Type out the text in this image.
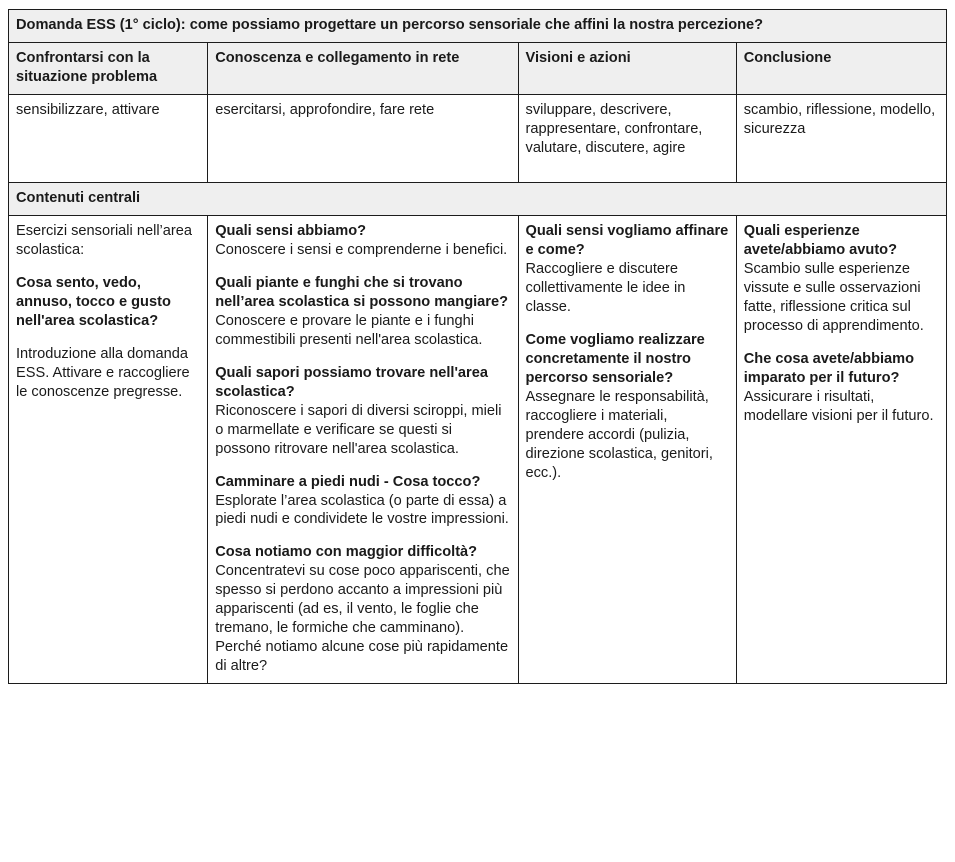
Domanda ESS (1° ciclo): come possiamo progettare un percorso sensoriale che affini la nostra percezione?			
Confrontarsi con la situazione problema	Conoscenza e collegamento in rete	Visioni e azioni	Conclusione
sensibilizzare, attivare	esercitarsi, approfondire, fare rete	sviluppare, descrivere, rappresentare, confrontare, valutare, discutere, agire	scambio, riflessione, modello, sicurezza
Contenuti centrali			

Esercizi sensoriali nell’area scolastica:
Cosa sento, vedo, annuso, tocco e gusto nell'area scolastica?
Introduzione alla domanda ESS. Attivare e raccogliere le conoscenze pregresse.

Quali sensi abbiamo?
Conoscere i sensi e comprenderne i benefici.
Quali piante e funghi che si trovano nell’area scolastica si possono mangiare?
Conoscere e provare le piante e i funghi commestibili presenti nell'area scolastica.
Quali sapori possiamo trovare nell'area scolastica?
Riconoscere i sapori di diversi sciroppi, mieli o marmellate e verificare se questi si possono ritrovare nell'area scolastica.
Camminare a piedi nudi - Cosa tocco?
Esplorate l’area scolastica (o parte di essa) a piedi nudi e condividete le vostre impressioni.
Cosa notiamo con maggior difficoltà?
Concentratevi su cose poco appariscenti, che spesso si perdono accanto a impressioni più appariscenti (ad es, il vento, le foglie che tremano, le formiche che camminano). Perché notiamo alcune cose più rapidamente di altre?

Quali sensi vogliamo affinare e come?
Raccogliere e discutere collettivamente le idee in classe.
Come vogliamo realizzare concretamente il nostro percorso sensoriale?
Assegnare le responsabilità, raccogliere i materiali, prendere accordi (pulizia, direzione scolastica, genitori, ecc.).

Quali esperienze avete/abbiamo avuto?
Scambio sulle esperienze vissute e sulle osservazioni fatte, riflessione critica sul processo di apprendimento.
Che cosa avete/abbiamo imparato per il futuro?
Assicurare i risultati, modellare visioni per il futuro.
